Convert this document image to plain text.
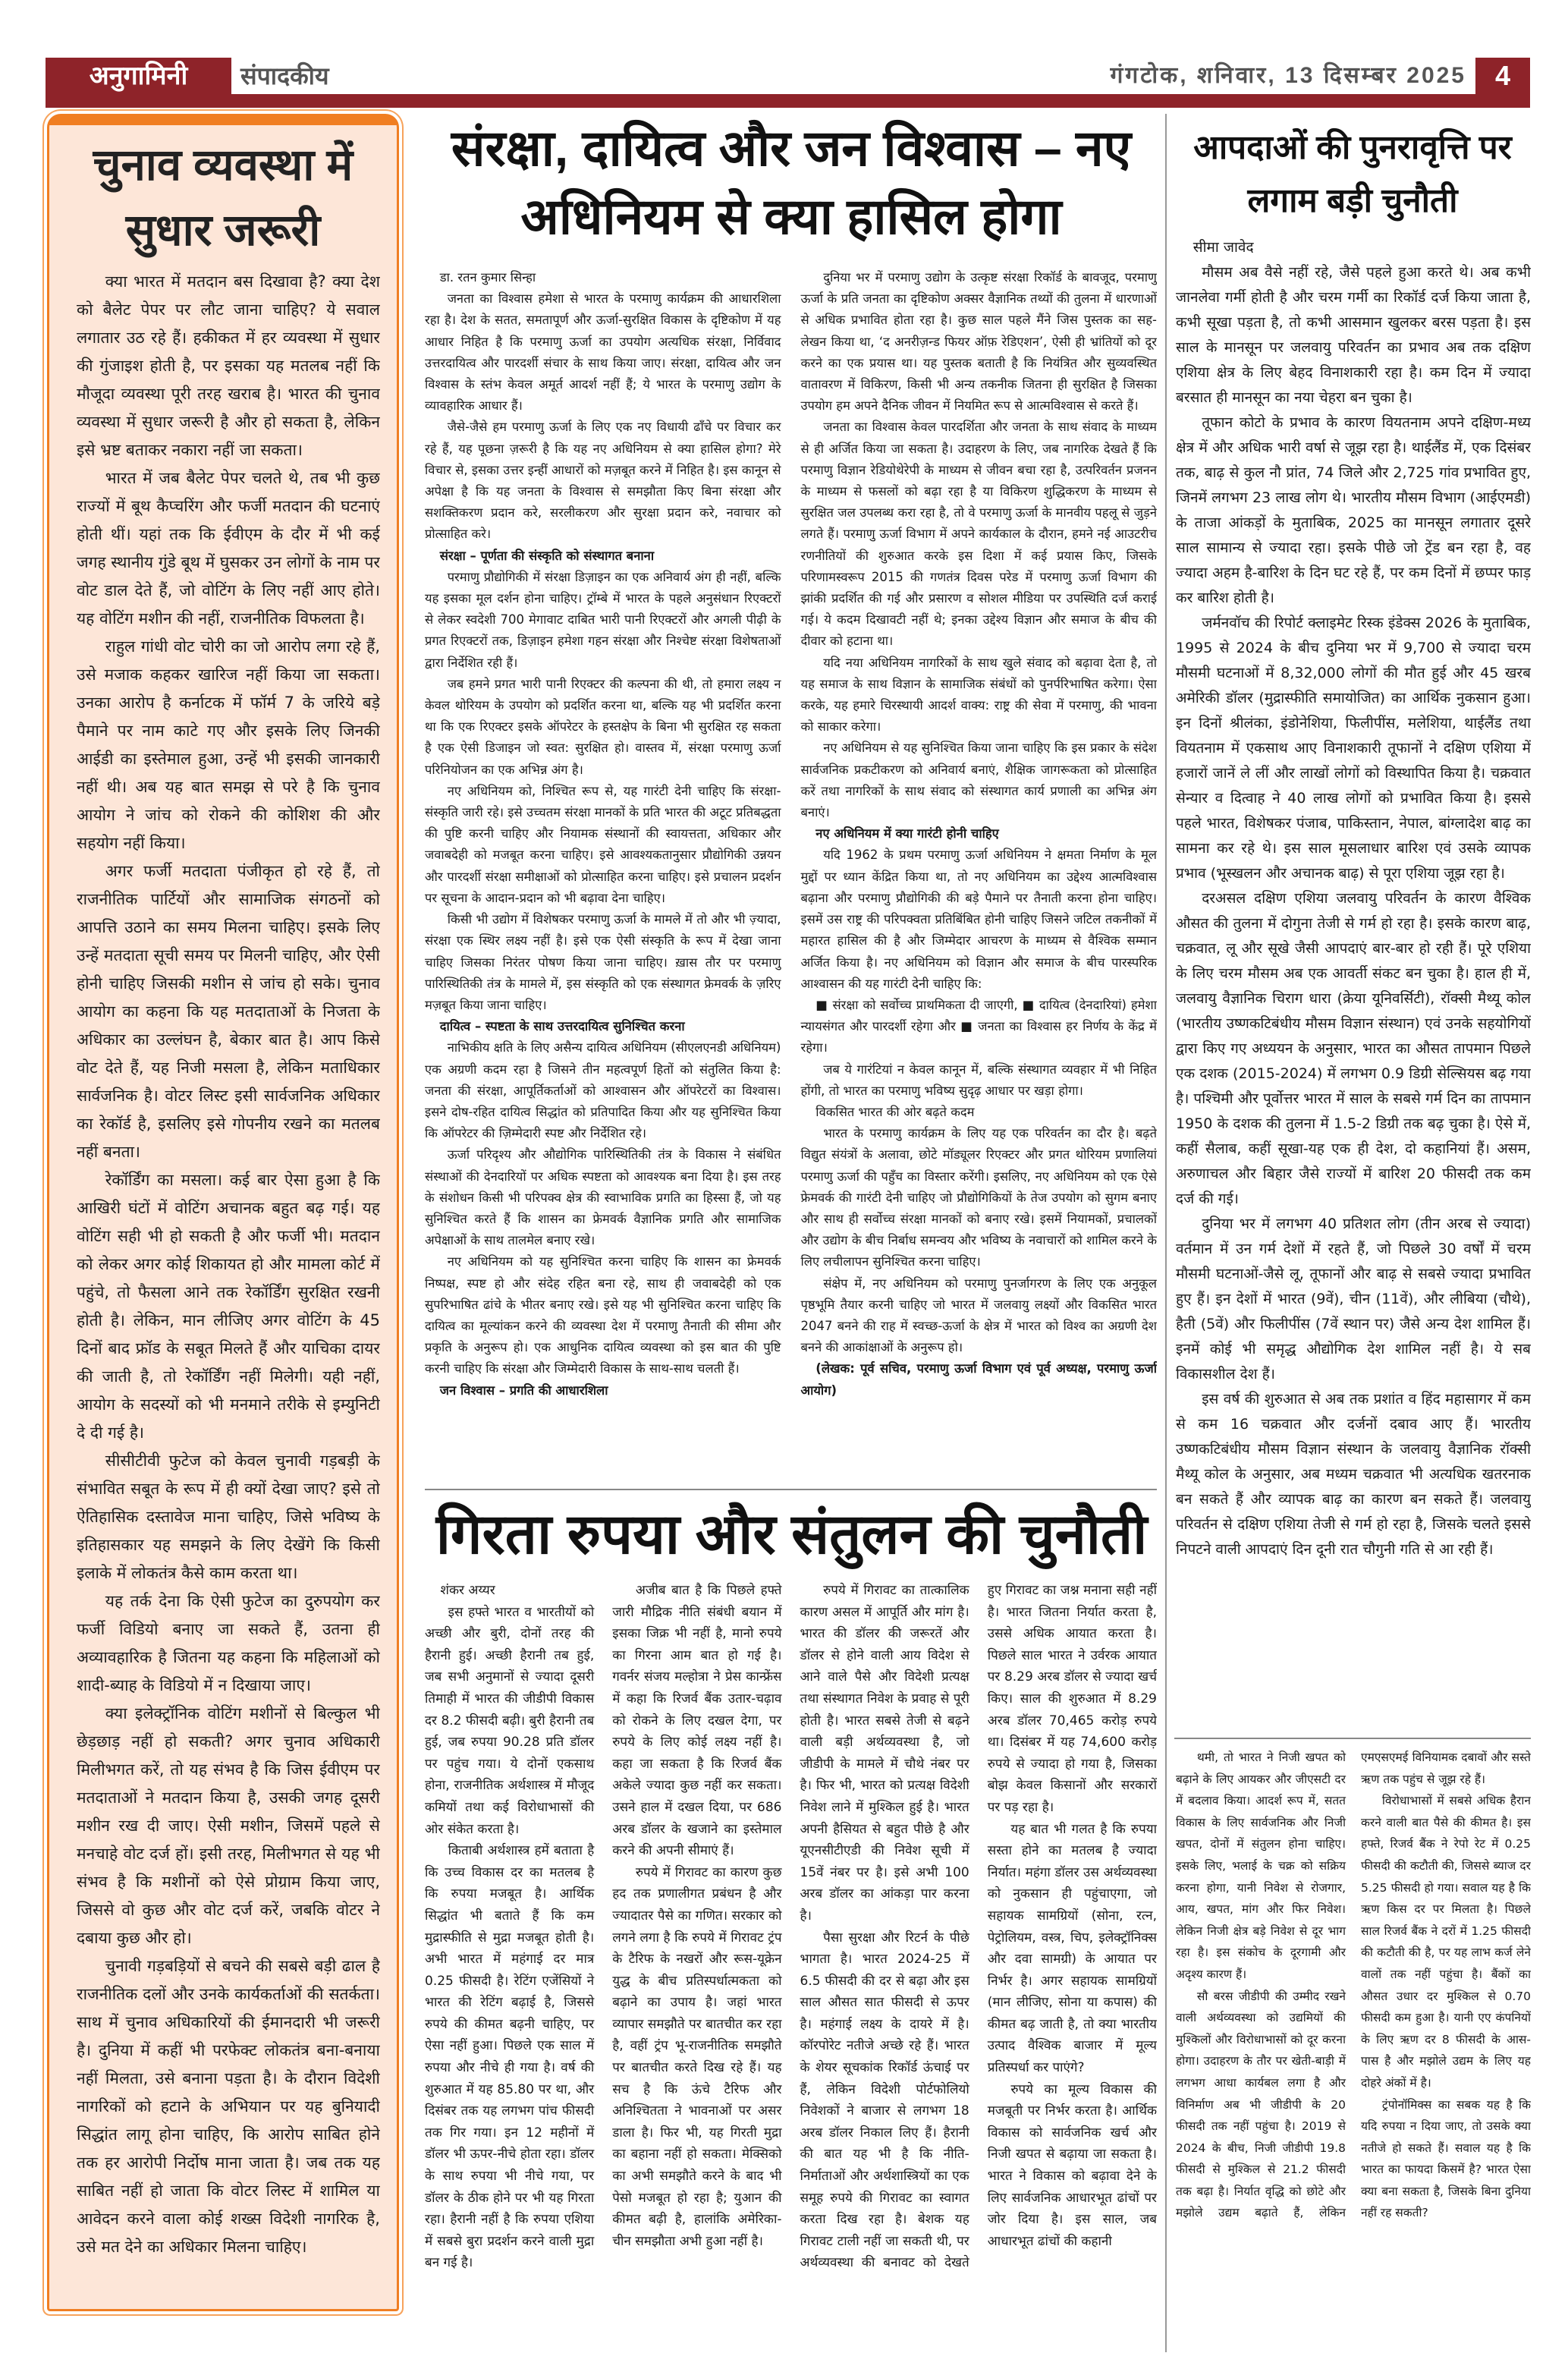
अनुगामिनी	संपादकीय	गंगटोक, शनिवार, 13 दिसम्बर 2025	4
चुनाव व्यवस्था में सुधार जरूरी

क्या भारत में मतदान बस दिखावा है? क्या देश को बैलेट पेपर पर लौट जाना चाहिए? ये सवाल लगातार उठ रहे हैं। हकीकत में हर व्यवस्था में सुधार की गुंजाइश होती है, पर इसका यह मतलब नहीं कि मौजूदा व्यवस्था पूरी तरह खराब है। भारत की चुनाव व्यवस्था में सुधार जरूरी है और हो सकता है, लेकिन इसे भ्रष्ट बताकर नकारा नहीं जा सकता।

भारत में जब बैलेट पेपर चलते थे, तब भी कुछ राज्यों में बूथ कैप्चरिंग और फर्जी मतदान की घटनाएं होती थीं। यहां तक कि ईवीएम के दौर में भी कई जगह स्थानीय गुंडे बूथ में घुसकर उन लोगों के नाम पर वोट डाल देते हैं, जो वोटिंग के लिए नहीं आए होते। यह वोटिंग मशीन की नहीं, राजनीतिक विफलता है।

राहुल गांधी वोट चोरी का जो आरोप लगा रहे हैं, उसे मजाक कहकर खारिज नहीं किया जा सकता। उनका आरोप है कर्नाटक में फॉर्म 7 के जरिये बड़े पैमाने पर नाम काटे गए और इसके लिए जिनकी आईडी का इस्तेमाल हुआ, उन्हें भी इसकी जानकारी नहीं थी। अब यह बात समझ से परे है कि चुनाव आयोग ने जांच को रोकने की कोशिश की और सहयोग नहीं किया।

अगर फर्जी मतदाता पंजीकृत हो रहे हैं, तो राजनीतिक पार्टियों और सामाजिक संगठनों को आपत्ति उठाने का समय मिलना चाहिए। इसके लिए उन्हें मतदाता सूची समय पर मिलनी चाहिए, और ऐसी होनी चाहिए जिसकी मशीन से जांच हो सके। चुनाव आयोग का कहना कि यह मतदाताओं के निजता के अधिकार का उल्लंघन है, बेकार बात है। आप किसे वोट देते हैं, यह निजी मसला है, लेकिन मताधिकार सार्वजनिक है। वोटर लिस्ट इसी सार्वजनिक अधिकार का रेकॉर्ड है, इसलिए इसे गोपनीय रखने का मतलब नहीं बनता।

रेकॉर्डिंग का मसला। कई बार ऐसा हुआ है कि आखिरी घंटों में वोटिंग अचानक बहुत बढ़ गई। यह वोटिंग सही भी हो सकती है और फर्जी भी। मतदान को लेकर अगर कोई शिकायत हो और मामला कोर्ट में पहुंचे, तो फैसला आने तक रेकॉर्डिंग सुरक्षित रखनी होती है। लेकिन, मान लीजिए अगर वोटिंग के 45 दिनों बाद फ्रॉड के सबूत मिलते हैं और याचिका दायर की जाती है, तो रेकॉर्डिंग नहीं मिलेगी। यही नहीं, आयोग के सदस्यों को भी मनमाने तरीके से इम्युनिटी दे दी गई है।

सीसीटीवी फुटेज को केवल चुनावी गड़बड़ी के संभावित सबूत के रूप में ही क्यों देखा जाए? इसे तो ऐतिहासिक दस्तावेज माना चाहिए, जिसे भविष्य के इतिहासकार यह समझने के लिए देखेंगे कि किसी इलाके में लोकतंत्र कैसे काम करता था।

यह तर्क देना कि ऐसी फुटेज का दुरुपयोग कर फर्जी विडियो बनाए जा सकते हैं, उतना ही अव्यावहारिक है जितना यह कहना कि महिलाओं को शादी-ब्याह के विडियो में न दिखाया जाए।

क्या इलेक्ट्रॉनिक वोटिंग मशीनों से बिल्कुल भी छेड़छाड़ नहीं हो सकती? अगर चुनाव अधिकारी मिलीभगत करें, तो यह संभव है कि जिस ईवीएम पर मतदाताओं ने मतदान किया है, उसकी जगह दूसरी मशीन रख दी जाए। ऐसी मशीन, जिसमें पहले से मनचाहे वोट दर्ज हों। इसी तरह, मिलीभगत से यह भी संभव है कि मशीनों को ऐसे प्रोग्राम किया जाए, जिससे वो कुछ और वोट दर्ज करें, जबकि वोटर ने दबाया कुछ और हो।

चुनावी गड़बड़ियों से बचने की सबसे बड़ी ढाल है राजनीतिक दलों और उनके कार्यकर्ताओं की सतर्कता। साथ में चुनाव अधिकारियों की ईमानदारी भी जरूरी है। दुनिया में कहीं भी परफेक्ट लोकतंत्र बना-बनाया नहीं मिलता, उसे बनाना पड़ता है। के दौरान विदेशी नागरिकों को हटाने के अभियान पर यह बुनियादी सिद्धांत लागू होना चाहिए, कि आरोप साबित होने तक हर आरोपी निर्दोष माना जाता है। जब तक यह साबित नहीं हो जाता कि वोटर लिस्ट में शामिल या आवेदन करने वाला कोई शख्स विदेशी नागरिक है, उसे मत देने का अधिकार मिलना चाहिए।

संरक्षा, दायित्व और जन विश्वास – नए अधिनियम से क्या हासिल होगा

डा. रतन कुमार सिन्हा

जनता का विश्वास हमेशा से भारत के परमाणु कार्यक्रम की आधारशिला रहा है। देश के सतत, समतापूर्ण और ऊर्जा-सुरक्षित विकास के दृष्टिकोण में यह आधार निहित है कि परमाणु ऊर्जा का उपयोग अत्यधिक संरक्षा, निर्विवाद उत्तरदायित्व और पारदर्शी संचार के साथ किया जाए। संरक्षा, दायित्व और जन विश्वास के स्तंभ केवल अमूर्त आदर्श नहीं हैं; ये भारत के परमाणु उद्योग के व्यावहारिक आधार हैं।

जैसे-जैसे हम परमाणु ऊर्जा के लिए एक नए विधायी ढाँचे पर विचार कर रहे हैं, यह पूछना ज़रूरी है कि यह नए अधिनियम से क्या हासिल होगा? मेरे विचार से, इसका उत्तर इन्हीं आधारों को मज़बूत करने में निहित है। इस कानून से अपेक्षा है कि यह जनता के विश्वास से समझौता किए बिना संरक्षा और सशक्तिकरण प्रदान करे, सरलीकरण और सुरक्षा प्रदान करे, नवाचार को प्रोत्साहित करे।

संरक्षा – पूर्णता की संस्कृति को संस्थागत बनाना

परमाणु प्रौद्योगिकी में संरक्षा डिज़ाइन का एक अनिवार्य अंग ही नहीं, बल्कि यह इसका मूल दर्शन होना चाहिए। ट्रॉम्बे में भारत के पहले अनुसंधान रिएक्टरों से लेकर स्वदेशी 700 मेगावाट दाबित भारी पानी रिएक्टरों और अगली पीढ़ी के प्रगत रिएक्टरों तक, डिज़ाइन हमेशा गहन संरक्षा और निश्चेष्ट संरक्षा विशेषताओं द्वारा निर्देशित रही हैं।

जब हमने प्रगत भारी पानी रिएक्टर की कल्पना की थी, तो हमारा लक्ष्य न केवल थोरियम के उपयोग को प्रदर्शित करना था, बल्कि यह भी प्रदर्शित करना था कि एक रिएक्टर इसके ऑपरेटर के हस्तक्षेप के बिना भी सुरक्षित रह सकता है एक ऐसी डिजाइन जो स्वत: सुरक्षित हो। वास्तव में, संरक्षा परमाणु ऊर्जा परिनियोजन का एक अभिन्न अंग है।

नए अधिनियम को, निश्चित रूप से, यह गारंटी देनी चाहिए कि संरक्षा-संस्कृति जारी रहे। इसे उच्चतम संरक्षा मानकों के प्रति भारत की अटूट प्रतिबद्धता की पुष्टि करनी चाहिए और नियामक संस्थानों की स्वायत्तता, अधिकार और जवाबदेही को मजबूत करना चाहिए। इसे आवश्यकतानुसार प्रौद्योगिकी उन्नयन और पारदर्शी संरक्षा समीक्षाओं को प्रोत्साहित करना चाहिए। इसे प्रचालन प्रदर्शन पर सूचना के आदान-प्रदान को भी बढ़ावा देना चाहिए।

किसी भी उद्योग में विशेषकर परमाणु ऊर्जा के मामले में तो और भी ज़्यादा, संरक्षा एक स्थिर लक्ष्य नहीं है। इसे एक ऐसी संस्कृति के रूप में देखा जाना चाहिए जिसका निरंतर पोषण किया जाना चाहिए। ख़ास तौर पर परमाणु पारिस्थितिकी तंत्र के मामले में, इस संस्कृति को एक संस्थागत फ्रेमवर्क के ज़रिए मज़बूत किया जाना चाहिए।

दायित्व – स्पष्टता के साथ उत्तरदायित्व सुनिश्चित करना

नाभिकीय क्षति के लिए असैन्य दायित्व अधिनियम (सीएलएनडी अधिनियम) एक अग्रणी कदम रहा है जिसने तीन महत्वपूर्ण हितों को संतुलित किया है: जनता की संरक्षा, आपूर्तिकर्ताओं को आश्वासन और ऑपरेटरों का विश्वास। इसने दोष-रहित दायित्व सिद्धांत को प्रतिपादित किया और यह सुनिश्चित किया कि ऑपरेटर की ज़िम्मेदारी स्पष्ट और निर्देशित रहे।

ऊर्जा परिदृश्य और औद्योगिक पारिस्थितिकी तंत्र के विकास ने संबंधित संस्थाओं की देनदारियों पर अधिक स्पष्टता को आवश्यक बना दिया है। इस तरह के संशोधन किसी भी परिपक्व क्षेत्र की स्वाभाविक प्रगति का हिस्सा हैं, जो यह सुनिश्चित करते हैं कि शासन का फ्रेमवर्क वैज्ञानिक प्रगति और सामाजिक अपेक्षाओं के साथ तालमेल बनाए रखे।

नए अधिनियम को यह सुनिश्चित करना चाहिए कि शासन का फ्रेमवर्क निष्पक्ष, स्पष्ट हो और संदेह रहित बना रहे, साथ ही जवाबदेही को एक सुपरिभाषित ढांचे के भीतर बनाए रखे। इसे यह भी सुनिश्चित करना चाहिए कि दायित्व का मूल्यांकन करने की व्यवस्था देश में परमाणु तैनाती की सीमा और प्रकृति के अनुरूप हो। एक आधुनिक दायित्व व्यवस्था को इस बात की पुष्टि करनी चाहिए कि संरक्षा और जिम्मेदारी विकास के साथ-साथ चलती हैं।

जन विश्वास – प्रगति की आधारशिला

दुनिया भर में परमाणु उद्योग के उत्कृष्ट संरक्षा रिकॉर्ड के बावजूद, परमाणु ऊर्जा के प्रति जनता का दृष्टिकोण अक्सर वैज्ञानिक तथ्यों की तुलना में धारणाओं से अधिक प्रभावित होता रहा है। कुछ साल पहले मैंने जिस पुस्तक का सह-लेखन किया था, ‘द अनरीज़न्ड फियर ऑफ़ रेडिएशन’, ऐसी ही भ्रांतियों को दूर करने का एक प्रयास था। यह पुस्तक बताती है कि नियंत्रित और सुव्यवस्थित वातावरण में विकिरण, किसी भी अन्य तकनीक जितना ही सुरक्षित है जिसका उपयोग हम अपने दैनिक जीवन में नियमित रूप से आत्मविश्वास से करते हैं।

जनता का विश्वास केवल पारदर्शिता और जनता के साथ संवाद के माध्यम से ही अर्जित किया जा सकता है। उदाहरण के लिए, जब नागरिक देखते हैं कि परमाणु विज्ञान रेडियोथेरेपी के माध्यम से जीवन बचा रहा है, उत्परिवर्तन प्रजनन के माध्यम से फसलों को बढ़ा रहा है या विकिरण शुद्धिकरण के माध्यम से सुरक्षित जल उपलब्ध करा रहा है, तो वे परमाणु ऊर्जा के मानवीय पहलू से जुड़ने लगते हैं। परमाणु ऊर्जा विभाग में अपने कार्यकाल के दौरान, हमने नई आउटरीच रणनीतियों की शुरुआत करके इस दिशा में कई प्रयास किए, जिसके परिणामस्वरूप 2015 की गणतंत्र दिवस परेड में परमाणु ऊर्जा विभाग की झांकी प्रदर्शित की गई और प्रसारण व सोशल मीडिया पर उपस्थिति दर्ज कराई गई। ये कदम दिखावटी नहीं थे; इनका उद्देश्य विज्ञान और समाज के बीच की दीवार को हटाना था।

यदि नया अधिनियम नागरिकों के साथ खुले संवाद को बढ़ावा देता है, तो यह समाज के साथ विज्ञान के सामाजिक संबंधों को पुनर्परिभाषित करेगा। ऐसा करके, यह हमारे चिरस्थायी आदर्श वाक्य: राष्ट्र की सेवा में परमाणु, की भावना को साकार करेगा।

नए अधिनियम से यह सुनिश्चित किया जाना चाहिए कि इस प्रकार के संदेश सार्वजनिक प्रकटीकरण को अनिवार्य बनाएं, शैक्षिक जागरूकता को प्रोत्साहित करें तथा नागरिकों के साथ संवाद को संस्थागत कार्य प्रणाली का अभिन्न अंग बनाएं।

नए अधिनियम में क्या गारंटी होनी चाहिए

यदि 1962 के प्रथम परमाणु ऊर्जा अधिनियम ने क्षमता निर्माण के मूल मुद्दों पर ध्यान केंद्रित किया था, तो नए अधिनियम का उद्देश्य आत्मविश्वास बढ़ाना और परमाणु प्रौद्योगिकी की बड़े पैमाने पर तैनाती करना होना चाहिए। इसमें उस राष्ट्र की परिपक्वता प्रतिबिंबित होनी चाहिए जिसने जटिल तकनीकों में महारत हासिल की है और जिम्मेदार आचरण के माध्यम से वैश्विक सम्मान अर्जित किया है। नए अधिनियम को विज्ञान और समाज के बीच पारस्परिक आश्वासन की यह गारंटी देनी चाहिए कि:

■ संरक्षा को सर्वोच्च प्राथमिकता दी जाएगी, ■ दायित्व (देनदारियां) हमेशा न्यायसंगत और पारदर्शी रहेगा और ■ जनता का विश्वास हर निर्णय के केंद्र में रहेगा।

जब ये गारंटियां न केवल कानून में, बल्कि संस्थागत व्यवहार में भी निहित होंगी, तो भारत का परमाणु भविष्य सुदृढ़ आधार पर खड़ा होगा।

विकसित भारत की ओर बढ़ते कदम

भारत के परमाणु कार्यक्रम के लिए यह एक परिवर्तन का दौर है। बढ़ते विद्युत संयंत्रों के अलावा, छोटे मॉड्यूलर रिएक्टर और प्रगत थोरियम प्रणालियां परमाणु ऊर्जा की पहुँच का विस्तार करेंगी। इसलिए, नए अधिनियम को एक ऐसे फ्रेमवर्क की गारंटी देनी चाहिए जो प्रौद्योगिकियों के तेज उपयोग को सुगम बनाए और साथ ही सर्वोच्च संरक्षा मानकों को बनाए रखे। इसमें नियामकों, प्रचालकों और उद्योग के बीच निर्बाध समन्वय और भविष्य के नवाचारों को शामिल करने के लिए लचीलापन सुनिश्चित करना चाहिए।

संक्षेप में, नए अधिनियम को परमाणु पुनर्जागरण के लिए एक अनुकूल पृष्ठभूमि तैयार करनी चाहिए जो भारत में जलवायु लक्ष्यों और विकसित भारत 2047 बनने की राह में स्वच्छ-ऊर्जा के क्षेत्र में भारत को विश्व का अग्रणी देश बनने की आकांक्षाओं के अनुरूप हो।

(लेखक: पूर्व सचिव, परमाणु ऊर्जा विभाग एवं पूर्व अध्यक्ष, परमाणु ऊर्जा आयोग)

गिरता रुपया और संतुलन की चुनौती

शंकर अय्यर

इस हफ्ते भारत व भारतीयों को अच्छी और बुरी, दोनों तरह की हैरानी हुई। अच्छी हैरानी तब हुई, जब सभी अनुमानों से ज्यादा दूसरी तिमाही में भारत की जीडीपी विकास दर 8.2 फीसदी बढ़ी। बुरी हैरानी तब हुई, जब रुपया 90.28 प्रति डॉलर पर पहुंच गया। ये दोनों एकसाथ होना, राजनीतिक अर्थशास्त्र में मौजूद कमियों तथा कई विरोधाभासों की ओर संकेत करता है।

किताबी अर्थशास्त्र हमें बताता है कि उच्च विकास दर का मतलब है कि रुपया मजबूत है। आर्थिक सिद्धांत भी बताते हैं कि कम मुद्रास्फीति से मुद्रा मजबूत होती है। अभी भारत में महंगाई दर मात्र 0.25 फीसदी है। रेटिंग एजेंसियों ने भारत की रेटिंग बढ़ाई है, जिससे रुपये की कीमत बढ़नी चाहिए, पर ऐसा नहीं हुआ। पिछले एक साल में रुपया और नीचे ही गया है। वर्ष की शुरुआत में यह 85.80 पर था, और दिसंबर तक यह लगभग पांच फीसदी तक गिर गया। इन 12 महीनों में डॉलर भी ऊपर-नीचे होता रहा। डॉलर के साथ रुपया भी नीचे गया, पर डॉलर के ठीक होने पर भी यह गिरता रहा। हैरानी नहीं है कि रुपया एशिया में सबसे बुरा प्रदर्शन करने वाली मुद्रा बन गई है।

अजीब बात है कि पिछले हफ्ते जारी मौद्रिक नीति संबंधी बयान में इसका जिक्र भी नहीं है, मानो रुपये का गिरना आम बात हो गई है। गवर्नर संजय मल्होत्रा ने प्रेस कान्फ्रेंस में कहा कि रिजर्व बैंक उतार-चढ़ाव को रोकने के लिए दखल देगा, पर रुपये के लिए कोई लक्ष्य नहीं है। कहा जा सकता है कि रिजर्व बैंक अकेले ज्यादा कुछ नहीं कर सकता। उसने हाल में दखल दिया, पर 686 अरब डॉलर के खजाने का इस्तेमाल करने की अपनी सीमाएं हैं।

रुपये में गिरावट का कारण कुछ हद तक प्रणालीगत प्रबंधन है और ज्यादातर पैसे का गणित। सरकार को लगने लगा है कि रुपये में गिरावट ट्रंप के टैरिफ के नखरों और रूस-यूक्रेन युद्ध के बीच प्रतिस्पर्धात्मकता को बढ़ाने का उपाय है। जहां भारत व्यापार समझौते पर बातचीत कर रहा है, वहीं ट्रंप भू-राजनीतिक समझौते पर बातचीत करते दिख रहे हैं। यह सच है कि ऊंचे टैरिफ और अनिश्चितता ने भावनाओं पर असर डाला है। फिर भी, यह गिरती मुद्रा का बहाना नहीं हो सकता। मेक्सिको का अभी समझौते करने के बाद भी पेसो मजबूत हो रहा है; युआन की कीमत बढ़ी है, हालांकि अमेरिका-चीन समझौता अभी हुआ नहीं है।

रुपये में गिरावट का तात्कालिक कारण असल में आपूर्ति और मांग है। भारत की डॉलर की जरूरतें और डॉलर से होने वाली आय विदेश से आने वाले पैसे और विदेशी प्रत्यक्ष तथा संस्थागत निवेश के प्रवाह से पूरी होती है। भारत सबसे तेजी से बढ़ने वाली बड़ी अर्थव्यवस्था है, जो जीडीपी के मामले में चौथे नंबर पर है। फिर भी, भारत को प्रत्यक्ष विदेशी निवेश लाने में मुश्किल हुई है। भारत अपनी हैसियत से बहुत पीछे है और यूएनसीटीएडी की निवेश सूची में 15वें नंबर पर है। इसे अभी 100 अरब डॉलर का आंकड़ा पार करना है।

पैसा सुरक्षा और रिटर्न के पीछे भागता है। भारत 2024-25 में 6.5 फीसदी की दर से बढ़ा और इस साल औसत सात फीसदी से ऊपर है। महंगाई लक्ष्य के दायरे में है। कॉरपोरेट नतीजे अच्छे रहे हैं। भारत के शेयर सूचकांक रिकॉर्ड ऊंचाई पर हैं, लेकिन विदेशी पोर्टफोलियो निवेशकों ने बाजार से लगभग 18 अरब डॉलर निकाल लिए हैं। हैरानी की बात यह भी है कि नीति-निर्माताओं और अर्थशास्त्रियों का एक समूह रुपये की गिरावट का स्वागत करता दिख रहा है। बेशक यह गिरावट टाली नहीं जा सकती थी, पर अर्थव्यवस्था की बनावट को देखते हुए गिरावट का जश्न मनाना सही नहीं है। भारत जितना निर्यात करता है, उससे अधिक आयात करता है। पिछले साल भारत ने उर्वरक आयात पर 8.29 अरब डॉलर से ज्यादा खर्च किए। साल की शुरुआत में 8.29 अरब डॉलर 70,465 करोड़ रुपये था। दिसंबर में यह 74,600 करोड़ रुपये से ज्यादा हो गया है, जिसका बोझ केवल किसानों और सरकारों पर पड़ रहा है।

यह बात भी गलत है कि रुपया सस्ता होने का मतलब है ज्यादा निर्यात। महंगा डॉलर उस अर्थव्यवस्था को नुकसान ही पहुंचाएगा, जो सहायक सामग्रियों (सोना, रत्न, पेट्रोलियम, वस्त्र, चिप, इलेक्ट्रॉनिक्स और दवा सामग्री) के आयात पर निर्भर है। अगर सहायक सामग्रियों (मान लीजिए, सोना या कपास) की कीमत बढ़ जाती है, तो क्या भारतीय उत्पाद वैश्विक बाजार में मूल्य प्रतिस्पर्धा कर पाएंगे?

रुपये का मूल्य विकास की मजबूती पर निर्भर करता है। आर्थिक विकास को सार्वजनिक खर्च और निजी खपत से बढ़ाया जा सकता है। भारत ने विकास को बढ़ावा देने के लिए सार्वजनिक आधारभूत ढांचों पर जोर दिया है। इस साल, जब आधारभूत ढांचों की कहानी

आपदाओं की पुनरावृत्ति पर लगाम बड़ी चुनौती

सीमा जावेद

मौसम अब वैसे नहीं रहे, जैसे पहले हुआ करते थे। अब कभी जानलेवा गर्मी होती है और चरम गर्मी का रिकॉर्ड दर्ज किया जाता है, कभी सूखा पड़ता है, तो कभी आसमान खुलकर बरस पड़ता है। इस साल के मानसून पर जलवायु परिवर्तन का प्रभाव अब तक दक्षिण एशिया क्षेत्र के लिए बेहद विनाशकारी रहा है। कम दिन में ज्यादा बरसात ही मानसून का नया चेहरा बन चुका है।

तूफान कोटो के प्रभाव के कारण वियतनाम अपने दक्षिण-मध्य क्षेत्र में और अधिक भारी वर्षा से जूझ रहा है। थाईलैंड में, एक दिसंबर तक, बाढ़ से कुल नौ प्रांत, 74 जिले और 2,725 गांव प्रभावित हुए, जिनमें लगभग 23 लाख लोग थे। भारतीय मौसम विभाग (आईएमडी) के ताजा आंकड़ों के मुताबिक, 2025 का मानसून लगातार दूसरे साल सामान्य से ज्यादा रहा। इसके पीछे जो ट्रेंड बन रहा है, वह ज्यादा अहम है-बारिश के दिन घट रहे हैं, पर कम दिनों में छप्पर फाड़ कर बारिश होती है।

जर्मनवॉच की रिपोर्ट क्लाइमेट रिस्क इंडेक्स 2026 के मुताबिक, 1995 से 2024 के बीच दुनिया भर में 9,700 से ज्यादा चरम मौसमी घटनाओं में 8,32,000 लोगों की मौत हुई और 45 खरब अमेरिकी डॉलर (मुद्रास्फीति समायोजित) का आर्थिक नुकसान हुआ। इन दिनों श्रीलंका, इंडोनेशिया, फिलीपींस, मलेशिया, थाईलैंड तथा वियतनाम में एकसाथ आए विनाशकारी तूफानों ने दक्षिण एशिया में हजारों जानें ले लीं और लाखों लोगों को विस्थापित किया है। चक्रवात सेन्यार व दित्वाह ने 40 लाख लोगों को प्रभावित किया है। इससे पहले भारत, विशेषकर पंजाब, पाकिस्तान, नेपाल, बांग्लादेश बाढ़ का सामना कर रहे थे। इस साल मूसलाधार बारिश एवं उसके व्यापक प्रभाव (भूस्खलन और अचानक बाढ़) से पूरा एशिया जूझ रहा है।

दरअसल दक्षिण एशिया जलवायु परिवर्तन के कारण वैश्विक औसत की तुलना में दोगुना तेजी से गर्म हो रहा है। इसके कारण बाढ़, चक्रवात, लू और सूखे जैसी आपदाएं बार-बार हो रही हैं। पूरे एशिया के लिए चरम मौसम अब एक आवर्ती संकट बन चुका है। हाल ही में, जलवायु वैज्ञानिक चिराग धारा (क्रेया यूनिवर्सिटी), रॉक्सी मैथ्यू कोल (भारतीय उष्णकटिबंधीय मौसम विज्ञान संस्थान) एवं उनके सहयोगियों द्वारा किए गए अध्ययन के अनुसार, भारत का औसत तापमान पिछले एक दशक (2015-2024) में लगभग 0.9 डिग्री सेल्सियस बढ़ गया है। पश्चिमी और पूर्वोत्तर भारत में साल के सबसे गर्म दिन का तापमान 1950 के दशक की तुलना में 1.5-2 डिग्री तक बढ़ चुका है। ऐसे में, कहीं सैलाब, कहीं सूखा-यह एक ही देश, दो कहानियां हैं। असम, अरुणाचल और बिहार जैसे राज्यों में बारिश 20 फीसदी तक कम दर्ज की गई।

दुनिया भर में लगभग 40 प्रतिशत लोग (तीन अरब से ज्यादा) वर्तमान में उन गर्म देशों में रहते हैं, जो पिछले 30 वर्षों में चरम मौसमी घटनाओं-जैसे लू, तूफानों और बाढ़ से सबसे ज्यादा प्रभावित हुए हैं। इन देशों में भारत (9वें), चीन (11वें), और लीबिया (चौथे), हैती (5वें) और फिलीपींस (7वें स्थान पर) जैसे अन्य देश शामिल हैं। इनमें कोई भी समृद्ध औद्योगिक देश शामिल नहीं है। ये सब विकासशील देश हैं।

इस वर्ष की शुरुआत से अब तक प्रशांत व हिंद महासागर में कम से कम 16 चक्रवात और दर्जनों दबाव आए हैं। भारतीय उष्णकटिबंधीय मौसम विज्ञान संस्थान के जलवायु वैज्ञानिक रॉक्सी मैथ्यू कोल के अनुसार, अब मध्यम चक्रवात भी अत्यधिक खतरनाक बन सकते हैं और व्यापक बाढ़ का कारण बन सकते हैं। जलवायु परिवर्तन से दक्षिण एशिया तेजी से गर्म हो रहा है, जिसके चलते इससे निपटने वाली आपदाएं दिन दूनी रात चौगुनी गति से आ रही हैं।

थमी, तो भारत ने निजी खपत को बढ़ाने के लिए आयकर और जीएसटी दर में बदलाव किया। आदर्श रूप में, सतत विकास के लिए सार्वजनिक और निजी खपत, दोनों में संतुलन होना चाहिए। इसके लिए, भलाई के चक्र को सक्रिय करना होगा, यानी निवेश से रोजगार, आय, खपत, मांग और फिर निवेश। लेकिन निजी क्षेत्र बड़े निवेश से दूर भाग रहा है। इस संकोच के दूरगामी और अदृश्य कारण हैं।

सौ बरस जीडीपी की उम्मीद रखने वाली अर्थव्यवस्था को उद्यमियों की मुश्किलों और विरोधाभासों को दूर करना होगा। उदाहरण के तौर पर खेती-बाड़ी में लगभग आधा कार्यबल लगा है और विनिर्माण अब भी जीडीपी के 20 फीसदी तक नहीं पहुंचा है। 2019 से 2024 के बीच, निजी जीडीपी 19.8 फीसदी से मुश्किल से 21.2 फीसदी तक बढ़ा है। निर्यात वृद्धि को छोटे और मझोले उद्यम बढ़ाते हैं, लेकिन एमएसएमई विनियामक दबावों और सस्ते ऋण तक पहुंच से जूझ रहे हैं।

विरोधाभासों में सबसे अधिक हैरान करने वाली बात पैसे की कीमत है। इस हफ्ते, रिजर्व बैंक ने रेपो रेट में 0.25 फीसदी की कटौती की, जिससे ब्याज दर 5.25 फीसदी हो गया। सवाल यह है कि ऋण किस दर पर मिलता है। पिछले साल रिजर्व बैंक ने दरों में 1.25 फीसदी की कटौती की है, पर यह लाभ कर्ज लेने वालों तक नहीं पहुंचा है। बैंकों का औसत उधार दर मुश्किल से 0.70 फीसदी कम हुआ है। यानी एए कंपनियों के लिए ऋण दर 8 फीसदी के आस-पास है और मझोले उद्यम के लिए यह दोहरे अंकों में है।

ट्रंपोनॉमिक्स का सबक यह है कि यदि रुपया न दिया जाए, तो उसके क्या नतीजे हो सकते हैं। सवाल यह है कि भारत का फायदा किसमें है? भारत ऐसा क्या बना सकता है, जिसके बिना दुनिया नहीं रह सकती?
